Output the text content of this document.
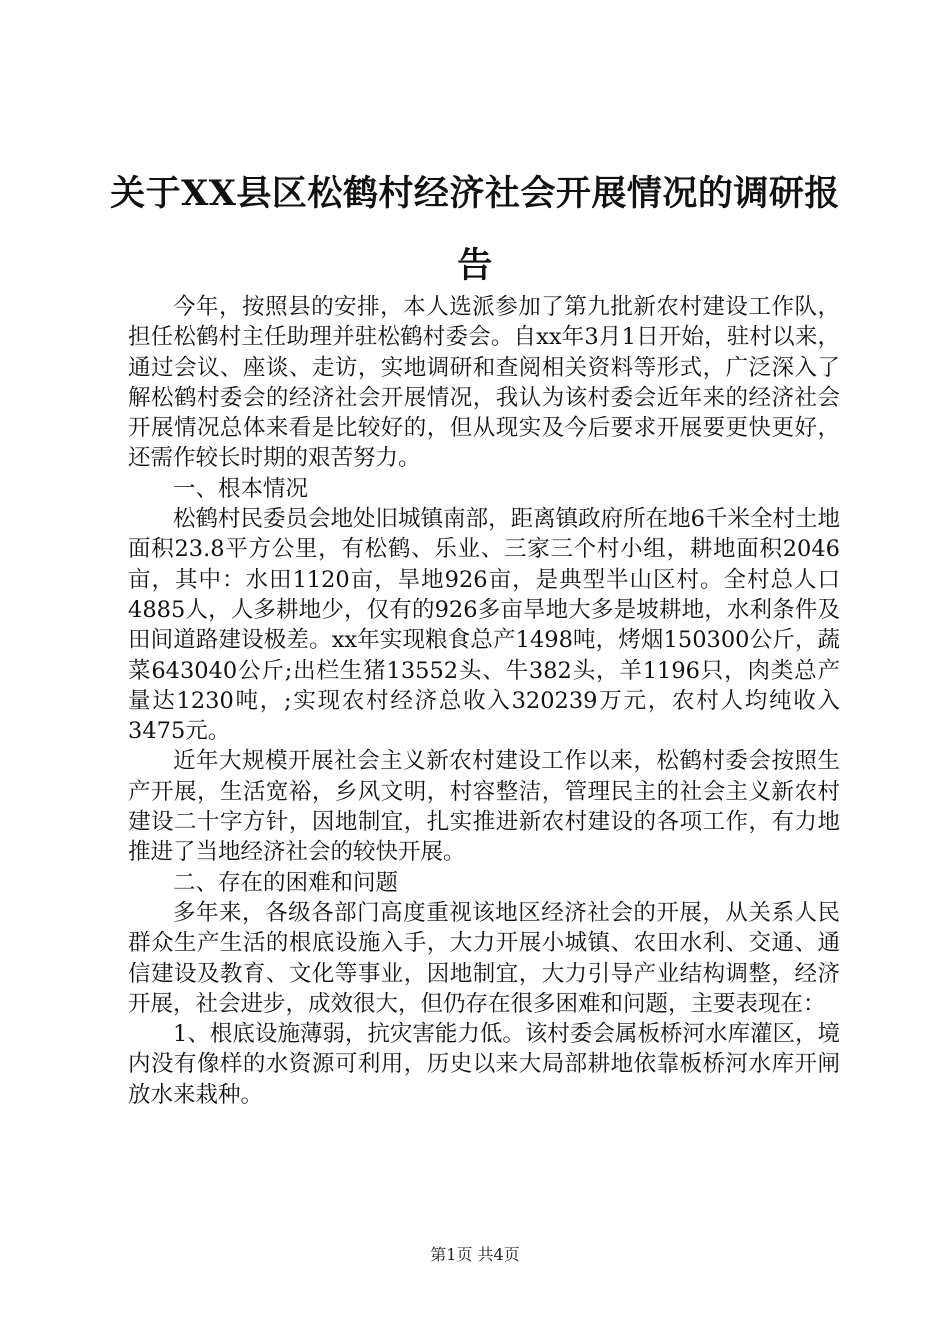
关于XX县区松鹤村经济社会开展情况的调研报告

今年，按照县的安排，本人选派参加了第九批新农村建设工作队，担任松鹤村主任助理并驻松鹤村委会。自xx年3月1日开始，驻村以来，通过会议、座谈、走访，实地调研和查阅相关资料等形式，广泛深入了解松鹤村委会的经济社会开展情况，我认为该村委会近年来的经济社会开展情况总体来看是比较好的，但从现实及今后要求开展要更快更好，还需作较长时期的艰苦努力。

一、根本情况

松鹤村民委员会地处旧城镇南部，距离镇政府所在地6千米全村土地面积23.8平方公里，有松鹤、乐业、三家三个村小组，耕地面积2046亩，其中：水田1120亩，旱地926亩，是典型半山区村。全村总人口4885人，人多耕地少，仅有的926多亩旱地大多是坡耕地，水利条件及田间道路建设极差。xx年实现粮食总产1498吨，烤烟150300公斤，蔬菜643040公斤;出栏生猪13552头、牛382头，羊1196只，肉类总产量达1230吨，;实现农村经济总收入320239万元，农村人均纯收入3475元。

近年大规模开展社会主义新农村建设工作以来，松鹤村委会按照生产开展，生活宽裕，乡风文明，村容整洁，管理民主的社会主义新农村建设二十字方针，因地制宜，扎实推进新农村建设的各项工作，有力地推进了当地经济社会的较快开展。

二、存在的困难和问题

多年来，各级各部门高度重视该地区经济社会的开展，从关系人民群众生产生活的根底设施入手，大力开展小城镇、农田水利、交通、通信建设及教育、文化等事业，因地制宜，大力引导产业结构调整，经济开展，社会进步，成效很大，但仍存在很多困难和问题，主要表现在：

1、根底设施薄弱，抗灾害能力低。该村委会属板桥河水库灌区，境内没有像样的水资源可利用，历史以来大局部耕地依靠板桥河水库开闸放水来栽种。

第1页 共4页
